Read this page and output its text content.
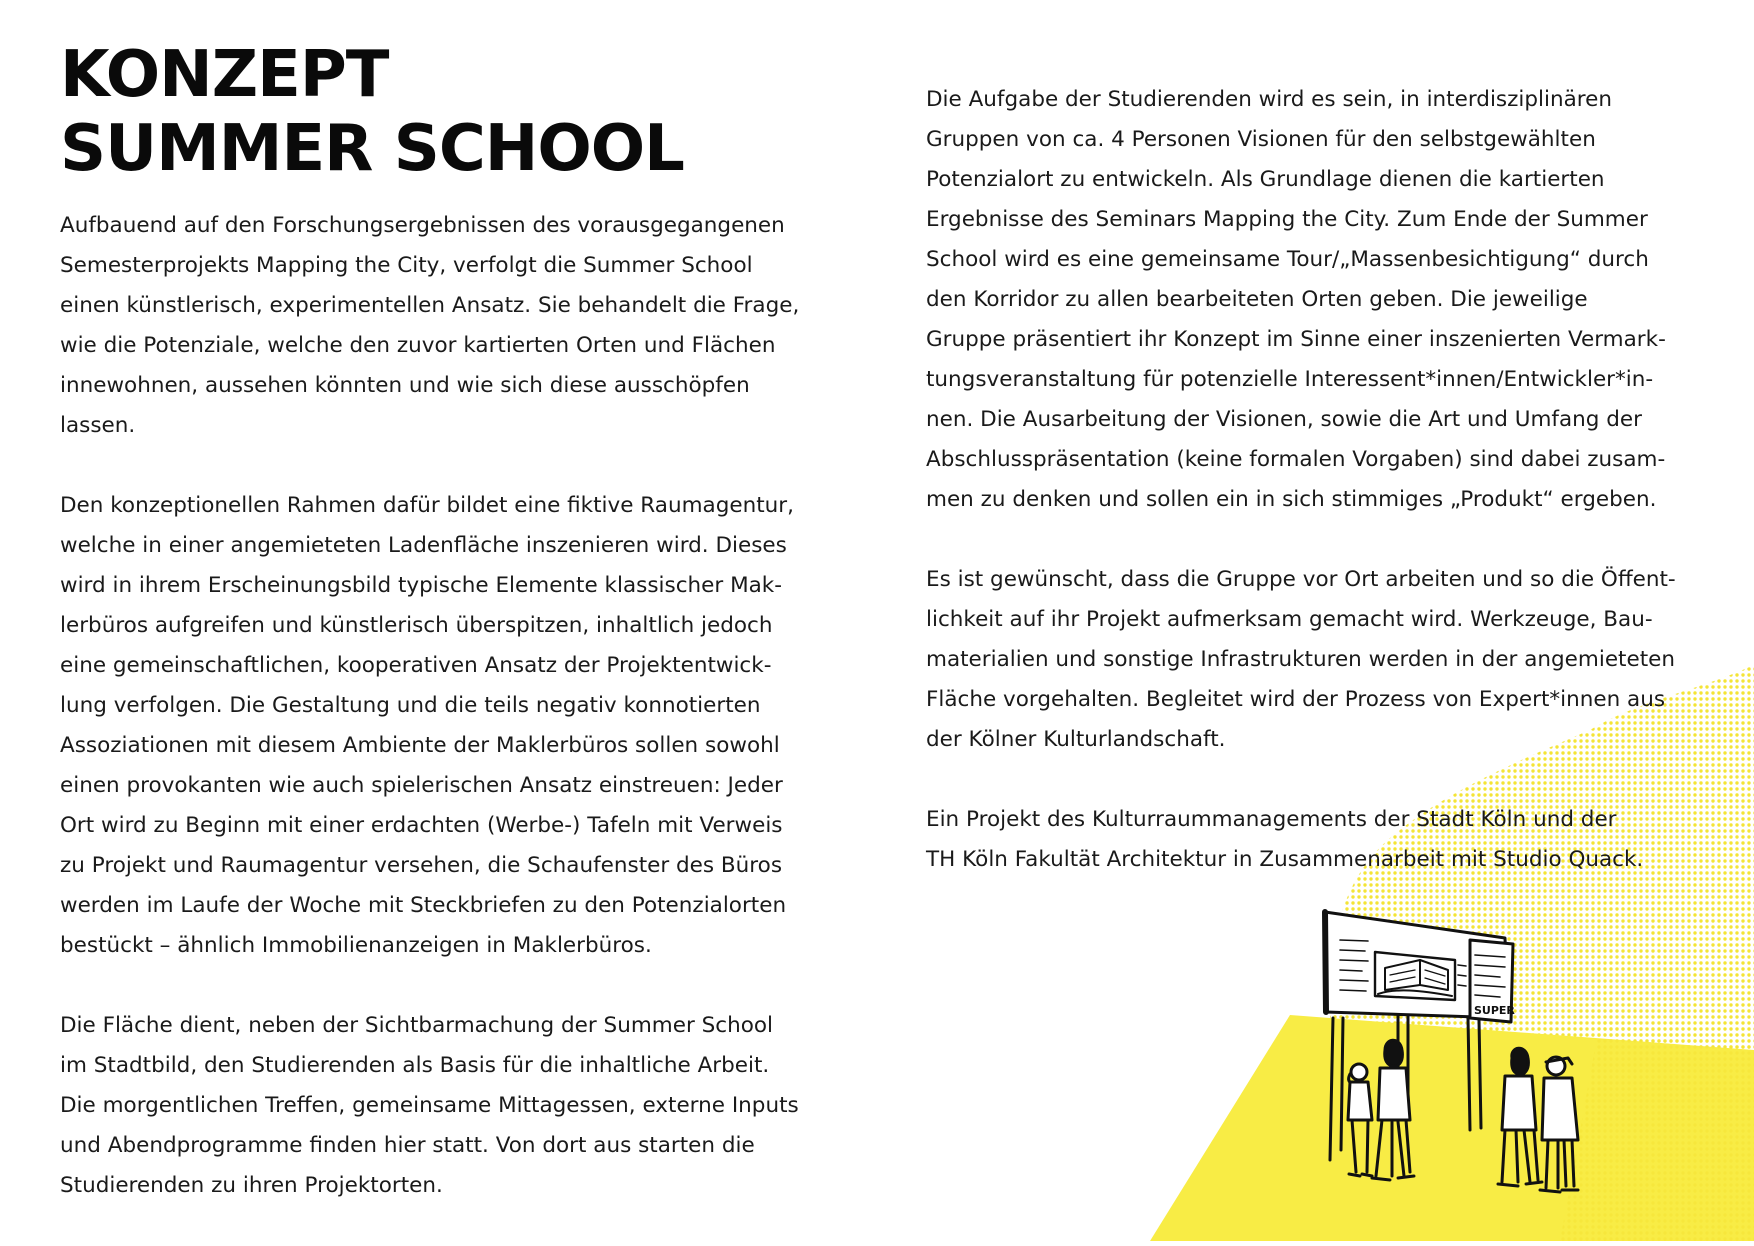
KONZEPT
SUMMER SCHOOL

Aufbauend auf den Forschungsergebnissen des vorausgegangenen
Semesterprojekts Mapping the City, verfolgt die Summer School
einen künstlerisch, experimentellen Ansatz. Sie behandelt die Frage,
wie die Potenziale, welche den zuvor kartierten Orten und Flächen
innewohnen, aussehen könnten und wie sich diese ausschöpfen
lassen.

Den konzeptionellen Rahmen dafür bildet eine fiktive Raumagentur,
welche in einer angemieteten Ladenfläche inszenieren wird. Dieses
wird in ihrem Erscheinungsbild typische Elemente klassischer Mak-
lerbüros aufgreifen und künstlerisch überspitzen, inhaltlich jedoch
eine gemeinschaftlichen, kooperativen Ansatz der Projektentwick-
lung verfolgen. Die Gestaltung und die teils negativ konnotierten
Assoziationen mit diesem Ambiente der Maklerbüros sollen sowohl
einen provokanten wie auch spielerischen Ansatz einstreuen: Jeder
Ort wird zu Beginn mit einer erdachten (Werbe-) Tafeln mit Verweis
zu Projekt und Raumagentur versehen, die Schaufenster des Büros
werden im Laufe der Woche mit Steckbriefen zu den Potenzialorten
bestückt – ähnlich Immobilienanzeigen in Maklerbüros.

Die Fläche dient, neben der Sichtbarmachung der Summer School
im Stadtbild, den Studierenden als Basis für die inhaltliche Arbeit.
Die morgentlichen Treffen, gemeinsame Mittagessen, externe Inputs
und Abendprogramme finden hier statt. Von dort aus starten die
Studierenden zu ihren Projektorten.

Die Aufgabe der Studierenden wird es sein, in interdisziplinären
Gruppen von ca. 4 Personen Visionen für den selbstgewählten
Potenzialort zu entwickeln. Als Grundlage dienen die kartierten
Ergebnisse des Seminars Mapping the City. Zum Ende der Summer
School wird es eine gemeinsame Tour/„Massenbesichtigung“ durch
den Korridor zu allen bearbeiteten Orten geben. Die jeweilige
Gruppe präsentiert ihr Konzept im Sinne einer inszenierten Vermark-
tungsveranstaltung für potenzielle Interessent*innen/Entwickler*in-
nen. Die Ausarbeitung der Visionen, sowie die Art und Umfang der
Abschlusspräsentation (keine formalen Vorgaben) sind dabei zusam-
men zu denken und sollen ein in sich stimmiges „Produkt“ ergeben.

Es ist gewünscht, dass die Gruppe vor Ort arbeiten und so die Öffent-
lichkeit auf ihr Projekt aufmerksam gemacht wird. Werkzeuge, Bau-
materialien und sonstige Infrastrukturen werden in der angemieteten
Fläche vorgehalten. Begleitet wird der Prozess von Expert*innen aus
der Kölner Kulturlandschaft.

Ein Projekt des Kulturraummanagements der Stadt Köln und der
TH Köln Fakultät Architektur in Zusammenarbeit mit Studio Quack.

SUPER
